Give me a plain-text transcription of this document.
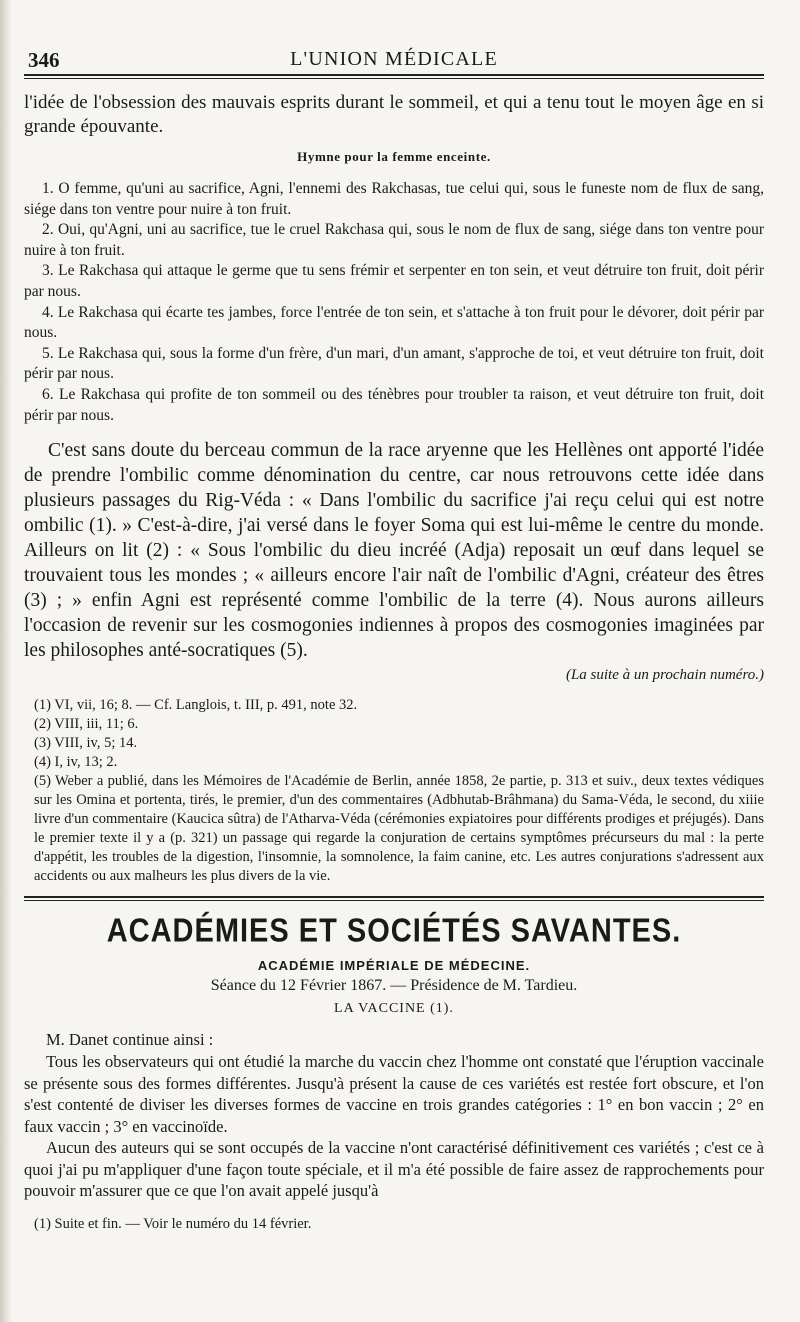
346	L'UNION MÉDICALE

l'idée de l'obsession des mauvais esprits durant le sommeil, et qui a tenu tout le moyen âge en si grande épouvante.

Hymne pour la femme enceinte.

1. O femme, qu'uni au sacrifice, Agni, l'ennemi des Rakchasas, tue celui qui, sous le funeste nom de flux de sang, siége dans ton ventre pour nuire à ton fruit.

2. Oui, qu'Agni, uni au sacrifice, tue le cruel Rakchasa qui, sous le nom de flux de sang, siége dans ton ventre pour nuire à ton fruit.

3. Le Rakchasa qui attaque le germe que tu sens frémir et serpenter en ton sein, et veut détruire ton fruit, doit périr par nous.

4. Le Rakchasa qui écarte tes jambes, force l'entrée de ton sein, et s'attache à ton fruit pour le dévorer, doit périr par nous.

5. Le Rakchasa qui, sous la forme d'un frère, d'un mari, d'un amant, s'approche de toi, et veut détruire ton fruit, doit périr par nous.

6. Le Rakchasa qui profite de ton sommeil ou des ténèbres pour troubler ta raison, et veut détruire ton fruit, doit périr par nous.

C'est sans doute du berceau commun de la race aryenne que les Hellènes ont apporté l'idée de prendre l'ombilic comme dénomination du centre, car nous retrouvons cette idée dans plusieurs passages du Rig-Véda : « Dans l'ombilic du sacrifice j'ai reçu celui qui est notre ombilic (1). » C'est-à-dire, j'ai versé dans le foyer Soma qui est lui-même le centre du monde. Ailleurs on lit (2) : « Sous l'ombilic du dieu incréé (Adja) reposait un œuf dans lequel se trouvaient tous les mondes ; « ailleurs encore l'air naît de l'ombilic d'Agni, créateur des êtres (3) ; » enfin Agni est représenté comme l'ombilic de la terre (4). Nous aurons ailleurs l'occasion de revenir sur les cosmogonies indiennes à propos des cosmogonies imaginées par les philosophes anté-socratiques (5).

(La suite à un prochain numéro.)

(1) VI, vii, 16; 8. — Cf. Langlois, t. III, p. 491, note 32.

(2) VIII, iii, 11; 6.

(3) VIII, iv, 5; 14.

(4) I, iv, 13; 2.

(5) Weber a publié, dans les Mémoires de l'Académie de Berlin, année 1858, 2e partie, p. 313 et suiv., deux textes védiques sur les Omina et portenta, tirés, le premier, d'un des commentaires (Adbhutab-Brâhmana) du Sama-Véda, le second, du xiiie livre d'un commentaire (Kaucica sûtra) de l'Atharva-Véda (cérémonies expiatoires pour différents prodiges et préjugés). Dans le premier texte il y a (p. 321) un passage qui regarde la conjuration de certains symptômes précurseurs du mal : la perte d'appétit, les troubles de la digestion, l'insomnie, la somnolence, la faim canine, etc. Les autres conjurations s'adressent aux accidents ou aux malheurs les plus divers de la vie.

ACADÉMIES ET SOCIÉTÉS SAVANTES.
ACADÉMIE IMPÉRIALE DE MÉDECINE.
Séance du 12 Février 1867. — Présidence de M. Tardieu.
LA VACCINE (1).

M. Danet continue ainsi :

Tous les observateurs qui ont étudié la marche du vaccin chez l'homme ont constaté que l'éruption vaccinale se présente sous des formes différentes. Jusqu'à présent la cause de ces variétés est restée fort obscure, et l'on s'est contenté de diviser les diverses formes de vaccine en trois grandes catégories : 1° en bon vaccin ; 2° en faux vaccin ; 3° en vaccinoïde.

Aucun des auteurs qui se sont occupés de la vaccine n'ont caractérisé définitivement ces variétés ; c'est ce à quoi j'ai pu m'appliquer d'une façon toute spéciale, et il m'a été possible de faire assez de rapprochements pour pouvoir m'assurer que ce que l'on avait appelé jusqu'à

(1) Suite et fin. — Voir le numéro du 14 février.
